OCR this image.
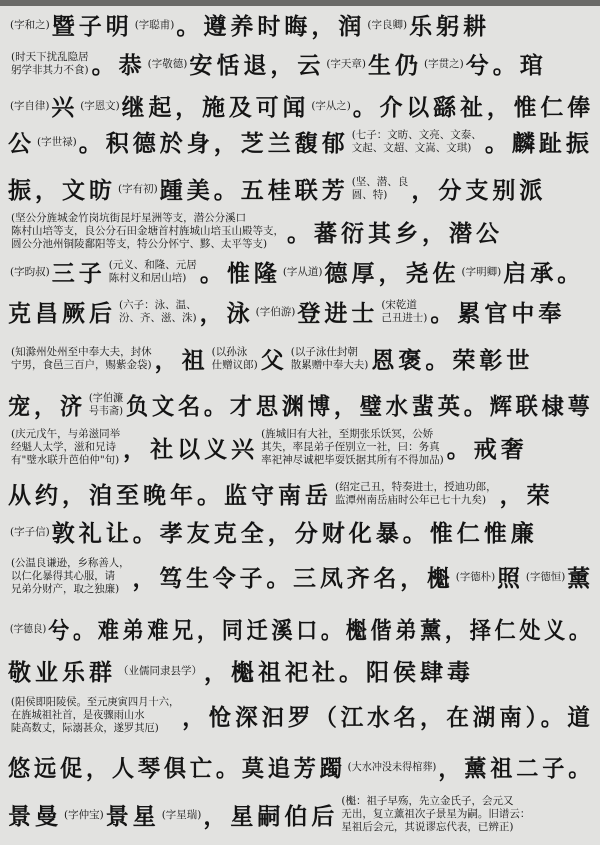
(字和之) 暨子明 (字聪甫) 。遵养时晦，润 (字良卿) 乐躬耕
(时天下扰乱隐居
躬学非其力不食) 。 恭 (字敬德) 安恬退，云 (字天章) 生仍 (字贯之) 兮。琯
(字自律) 兴 (字恩文) 继起，施及可闻 (字从之) 。介以繇祉，惟仁俸
公 (字世禄) 。积德於身，芝兰馥郁 (七子：文昉、文亮、文泰、
文起、文超、文嵩、文琪) 。麟趾振
振，文昉 (字有初) 踵美。五桂联芳 (坚、潜、良
圆、特)	，分支别派
(坚公分旌城金竹岗坑街昆圩星洲等支，潜公分溪口
陈村山培等支，良公分石田金塘首村旌城山培玉山殿等支，
圆公分池州铜陵鄱阳等支，特公分怀宁、黟、太平等支) 。蕃衍其乡，潜公
(字昀叔) 三子 (元义、和隆、元居
陈村义和居山培) 。惟隆 (字从道) 德厚，尧佐 (字明卿) 启承。
克昌厥后 (六子：泳、温、
汾、齐、滋、洙) ，泳 (字伯游) 登进士 (宋乾道
己丑进士) 。累官中奉
(知滁州处州至中奉大夫，封休
宁男，食邑三百户，赐紫金袋) ，祖 (以孙泳
仕赠议郎) 父 (以子泳仕封朝
散累赠中奉大夫) 恩褒。荣彰世
宠，济 (字伯濂
号韦斋) 负文名。才思渊博，璧水蜚英。辉联棣萼
(庆元戊午，与弟滋同举
经魁人太学，滋和兄诗
有"璧水联升芭伯仲"句) ，社以义兴
(旌城旧有大社，至期张乐饫冥，公娇
其失，率昆弟子侄别立一社，曰：务真
率祀神尽诚杷毕耍饫据其所有不得加品) 。戒奢
从约，洎至晚年。监守南岳 (绍定己丑，特奏进士，授迪功郎，
监潭州南岳庙时公年已七十九矣) ，荣
(字子信) 敦礼让。孝友克全，分财化暴。惟仁惟廉
(公温良谦逊，乡称善人，
以仁化暴得其心服，请
兄弟分财产，取之独廉) ，笃生令子。三凤齐名，櫆 (字德朴) 照 (字德恒) 薰
(字德良) 兮。难弟难兄，同迁溪口。櫆偕弟薰，择仁处义。
敬业乐群 （业儒同隶县学） ，櫆祖祀社。阳侯肆毒
(阳侯即阳陵侯。至元庚寅四月十六，
在旌城祖社首，是夜骤雨山水
陡高数丈，际溺甚众，遂罗其厄)	，怆深汩罗（江水名，在湖南）。道
悠远促，人琴俱亡。莫追芳躅 (大水冲没未得棺葬) ，薰祖二子。
景曼 (字仲宝) 景星 (字星瑞) ，星嗣伯后
(櫆：祖子早殇，先立金氏子，会元又
无出，复立薰祖次子景星为嗣。旧谱云：
星祖后会元，其说谬忘代表，已辨正)
